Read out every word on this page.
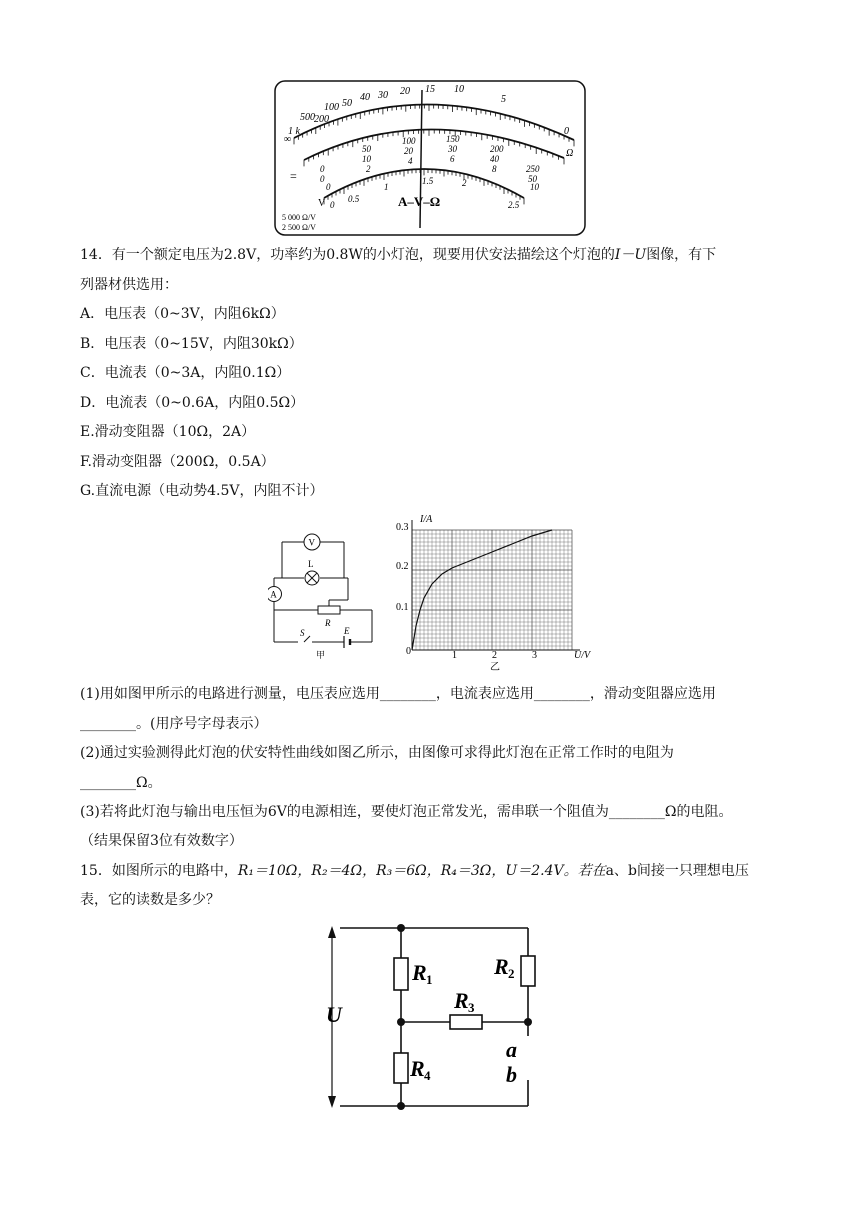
1 k
500 200
100 50
40 30 20 15 10
5
0
∞
Ω
0
50
100	150
200
250
0
10
20	30
40
50
0
2
4	6
8
10
0
0.5
1
1.5	2
2.5
=
V	A–V–Ω
5 000 Ω/V
2 500 Ω/V
14．有一个额定电压为2.8V，功率约为0.8W的小灯泡，现要用伏安法描绘这个灯泡的I－U图像，有下
列器材供选用：
A．电压表（0~3V，内阻6kΩ）
B．电压表（0~15V，内阻30kΩ）
C．电流表（0~3A，内阻0.1Ω）
D．电流表（0~0.6A，内阻0.5Ω）
E.滑动变阻器（10Ω，2A）
F.滑动变阻器（200Ω，0.5A）
G.直流电源（电动势4.5V，内阻不计）
V
L
A
R
S	E
甲
I/A
U/V
0
0.1
0.2
0.3
1	2	3
乙
(1)用如图甲所示的电路进行测量，电压表应选用________，电流表应选用________，滑动变阻器应选用
________。(用序号字母表示）
(2)通过实验测得此灯泡的伏安特性曲线如图乙所示，由图像可求得此灯泡在正常工作时的电阻为
________Ω。
(3)若将此灯泡与输出电压恒为6V的电源相连，要使灯泡正常发光，需串联一个阻值为________Ω的电阻。
（结果保留3位有效数字）
15．如图所示的电路中，R₁＝10Ω，R₂＝4Ω，R₃＝6Ω，R₄＝3Ω，U＝2.4V。若在a、b间接一只理想电压
表，它的读数是多少？
U
R	R
R
R
a
b
1	2
3
4
